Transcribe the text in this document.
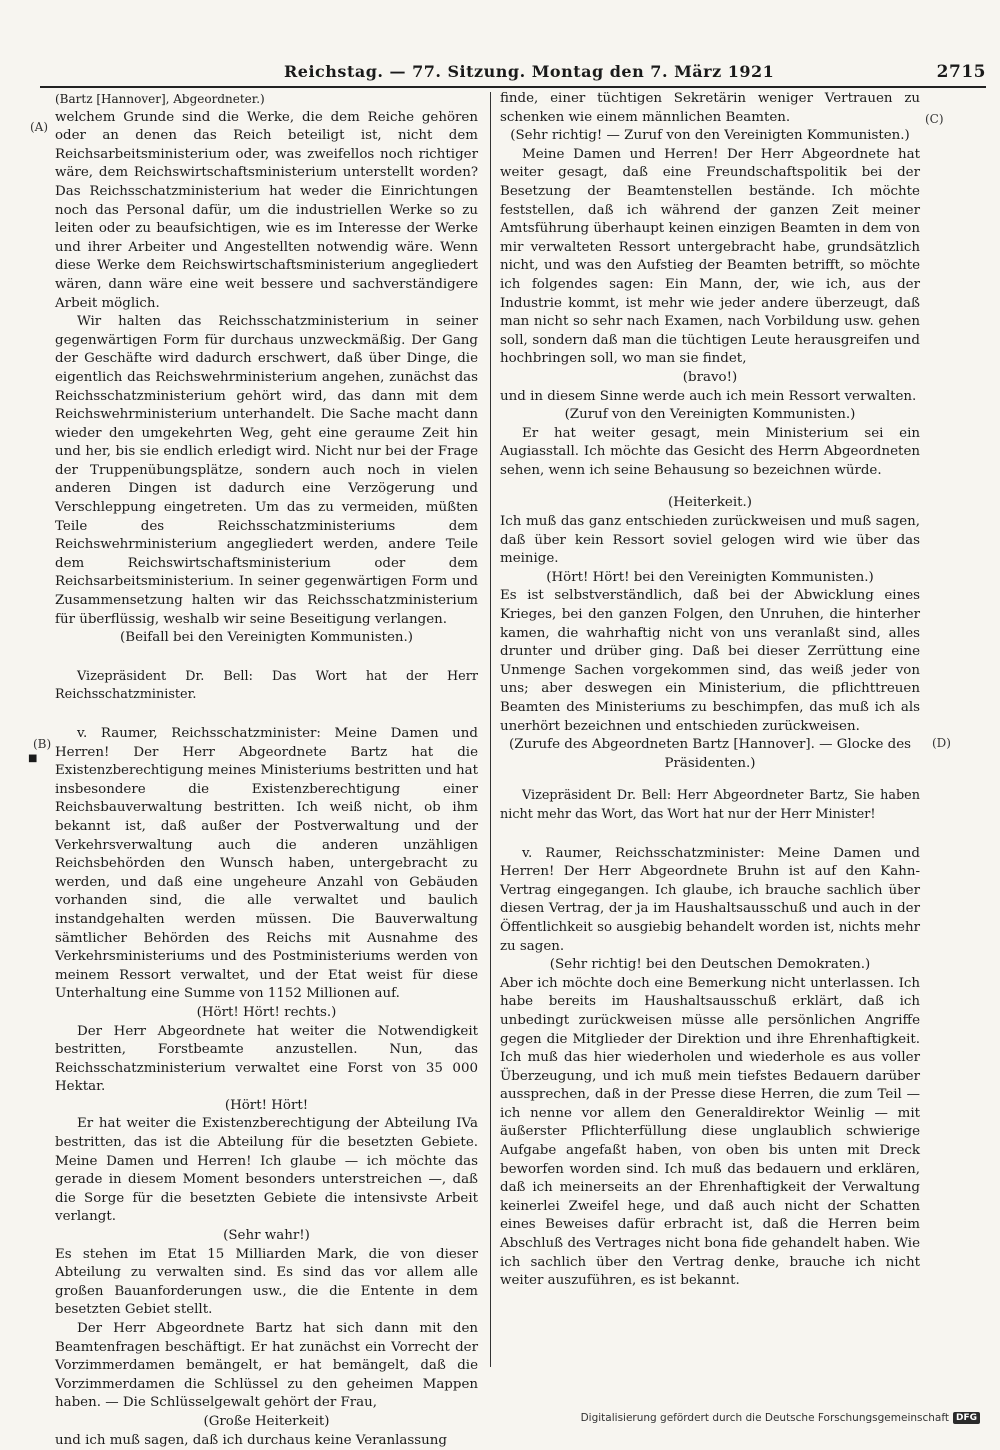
Reichstag. — 77. Sitzung. Montag den 7. März 1921	2715
(A)
(B)
■
(C)
(D)

(Bartz [Hannover], Abgeordneter.)

welchem Grunde sind die Werke, die dem Reiche gehören oder an denen das Reich beteiligt ist, nicht dem Reichsarbeitsministerium oder, was zweifellos noch richtiger wäre, dem Reichswirtschaftsministerium unterstellt worden? Das Reichsschatzministerium hat weder die Einrichtungen noch das Personal dafür, um die industriellen Werke so zu leiten oder zu beaufsichtigen, wie es im Interesse der Werke und ihrer Arbeiter und Angestellten notwendig wäre. Wenn diese Werke dem Reichswirtschaftsministerium angegliedert wären, dann wäre eine weit bessere und sachverständigere Arbeit möglich.

Wir halten das Reichsschatzministerium in seiner gegenwärtigen Form für durchaus unzweckmäßig. Der Gang der Geschäfte wird dadurch erschwert, daß über Dinge, die eigentlich das Reichswehrministerium angehen, zunächst das Reichsschatzministerium gehört wird, das dann mit dem Reichswehrministerium unterhandelt. Die Sache macht dann wieder den umgekehrten Weg, geht eine geraume Zeit hin und her, bis sie endlich erledigt wird. Nicht nur bei der Frage der Truppenübungsplätze, sondern auch noch in vielen anderen Dingen ist dadurch eine Verzögerung und Verschleppung eingetreten. Um das zu vermeiden, müßten Teile des Reichsschatzministeriums dem Reichswehrministerium angegliedert werden, andere Teile dem Reichswirtschaftsministerium oder dem Reichsarbeitsministerium. In seiner gegenwärtigen Form und Zusammensetzung halten wir das Reichsschatzministerium für überflüssig, weshalb wir seine Beseitigung verlangen.

(Beifall bei den Vereinigten Kommunisten.)

Vizepräsident Dr. Bell: Das Wort hat der Herr Reichsschatzminister.

v. Raumer, Reichsschatzminister: Meine Damen und Herren! Der Herr Abgeordnete Bartz hat die Existenzberechtigung meines Ministeriums bestritten und hat insbesondere die Existenzberechtigung einer Reichsbauverwaltung bestritten. Ich weiß nicht, ob ihm bekannt ist, daß außer der Postverwaltung und der Verkehrsverwaltung auch die anderen unzähligen Reichsbehörden den Wunsch haben, untergebracht zu werden, und daß eine ungeheure Anzahl von Gebäuden vorhanden sind, die alle verwaltet und baulich instandgehalten werden müssen. Die Bauverwaltung sämtlicher Behörden des Reichs mit Ausnahme des Verkehrsministeriums und des Postministeriums werden von meinem Ressort verwaltet, und der Etat weist für diese Unterhaltung eine Summe von 1152 Millionen auf.

(Hört! Hört! rechts.)

Der Herr Abgeordnete hat weiter die Notwendigkeit bestritten, Forstbeamte anzustellen. Nun, das Reichsschatzministerium verwaltet eine Forst von 35 000 Hektar.

(Hört! Hört!

Er hat weiter die Existenzberechtigung der Abteilung IVa bestritten, das ist die Abteilung für die besetzten Gebiete. Meine Damen und Herren! Ich glaube — ich möchte das gerade in diesem Moment besonders unterstreichen —, daß die Sorge für die besetzten Gebiete die intensivste Arbeit verlangt.

(Sehr wahr!)

Es stehen im Etat 15 Milliarden Mark, die von dieser Abteilung zu verwalten sind. Es sind das vor allem alle großen Bauanforderungen usw., die die Entente in dem besetzten Gebiet stellt.

Der Herr Abgeordnete Bartz hat sich dann mit den Beamtenfragen beschäftigt. Er hat zunächst ein Vorrecht der Vorzimmerdamen bemängelt, er hat bemängelt, daß die Vorzimmerdamen die Schlüssel zu den geheimen Mappen haben. — Die Schlüsselgewalt gehört der Frau,

(Große Heiterkeit)

und ich muß sagen, daß ich durchaus keine Veranlassung

finde, einer tüchtigen Sekretärin weniger Vertrauen zu schenken wie einem männlichen Beamten.

(Sehr richtig! — Zuruf von den Vereinigten Kommunisten.)

Meine Damen und Herren! Der Herr Abgeordnete hat weiter gesagt, daß eine Freundschaftspolitik bei der Besetzung der Beamtenstellen bestände. Ich möchte feststellen, daß ich während der ganzen Zeit meiner Amtsführung überhaupt keinen einzigen Beamten in dem von mir verwalteten Ressort untergebracht habe, grundsätzlich nicht, und was den Aufstieg der Beamten betrifft, so möchte ich folgendes sagen: Ein Mann, der, wie ich, aus der Industrie kommt, ist mehr wie jeder andere überzeugt, daß man nicht so sehr nach Examen, nach Vorbildung usw. gehen soll, sondern daß man die tüchtigen Leute herausgreifen und hochbringen soll, wo man sie findet,

(bravo!)

und in diesem Sinne werde auch ich mein Ressort verwalten.

(Zuruf von den Vereinigten Kommunisten.)

Er hat weiter gesagt, mein Ministerium sei ein Augiasstall. Ich möchte das Gesicht des Herrn Abgeordneten sehen, wenn ich seine Behausung so bezeichnen würde.

(Heiterkeit.)

Ich muß das ganz entschieden zurückweisen und muß sagen, daß über kein Ressort soviel gelogen wird wie über das meinige.

(Hört! Hört! bei den Vereinigten Kommunisten.)

Es ist selbstverständlich, daß bei der Abwicklung eines Krieges, bei den ganzen Folgen, den Unruhen, die hinterher kamen, die wahrhaftig nicht von uns veranlaßt sind, alles drunter und drüber ging. Daß bei dieser Zerrüttung eine Unmenge Sachen vorgekommen sind, das weiß jeder von uns; aber deswegen ein Ministerium, die pflichttreuen Beamten des Ministeriums zu beschimpfen, das muß ich als unerhört bezeichnen und entschieden zurückweisen.

(Zurufe des Abgeordneten Bartz [Hannover]. — Glocke des Präsidenten.)

Vizepräsident Dr. Bell: Herr Abgeordneter Bartz, Sie haben nicht mehr das Wort, das Wort hat nur der Herr Minister!

v. Raumer, Reichsschatzminister: Meine Damen und Herren! Der Herr Abgeordnete Bruhn ist auf den Kahn-Vertrag eingegangen. Ich glaube, ich brauche sachlich über diesen Vertrag, der ja im Haushaltsausschuß und auch in der Öffentlichkeit so ausgiebig behandelt worden ist, nichts mehr zu sagen.

(Sehr richtig! bei den Deutschen Demokraten.)

Aber ich möchte doch eine Bemerkung nicht unterlassen. Ich habe bereits im Haushaltsausschuß erklärt, daß ich unbedingt zurückweisen müsse alle persönlichen Angriffe gegen die Mitglieder der Direktion und ihre Ehrenhaftigkeit. Ich muß das hier wiederholen und wiederhole es aus voller Überzeugung, und ich muß mein tiefstes Bedauern darüber aussprechen, daß in der Presse diese Herren, die zum Teil — ich nenne vor allem den Generaldirektor Weinlig — mit äußerster Pflichterfüllung diese unglaublich schwierige Aufgabe angefaßt haben, von oben bis unten mit Dreck beworfen worden sind. Ich muß das bedauern und erklären, daß ich meinerseits an der Ehrenhaftigkeit der Verwaltung keinerlei Zweifel hege, und daß auch nicht der Schatten eines Beweises dafür erbracht ist, daß die Herren beim Abschluß des Vertrages nicht bona fide gehandelt haben. Wie ich sachlich über den Vertrag denke, brauche ich nicht weiter auszuführen, es ist bekannt.

Digitalisierung gefördert durch die Deutsche Forschungsgemeinschaft DFG
